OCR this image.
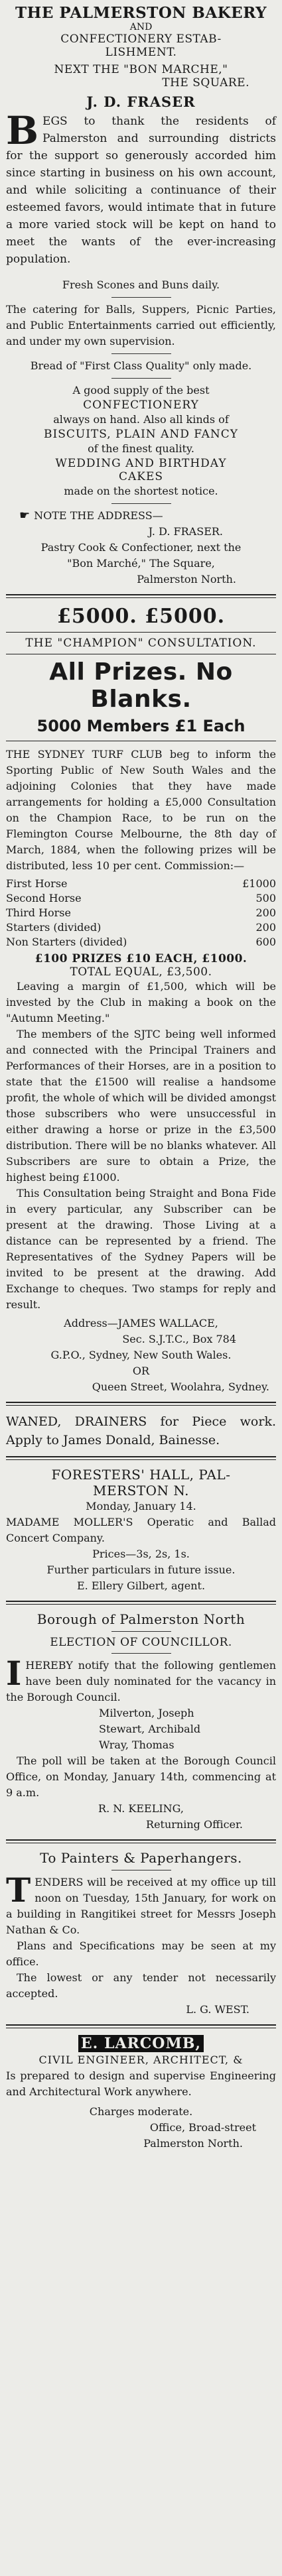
THE PALMERSTON BAKERY
AND
CONFECTIONERY ESTAB-
LISHMENT.
NEXT THE "BON MARCHE,"
THE SQUARE.
J. D. FRASER

BEGS to thank the residents of Palmerston and surrounding districts for the support so generously accorded him since starting in business on his own account, and while soliciting a continuance of their esteemed favors, would intimate that in future a more varied stock will be kept on hand to meet the wants of the ever-increasing population.

Fresh Scones and Buns daily.

The catering for Balls, Suppers, Picnic Parties, and Public Entertainments carried out efficiently, and under my own supervision.

Bread of "First Class Quality" only made.
A good supply of the best
CONFECTIONERY
always on hand. Also all kinds of
BISCUITS, PLAIN AND FANCY
of the finest quality.
WEDDING AND BIRTHDAY
CAKES
made on the shortest notice.
☛ NOTE THE ADDRESS—
J. D. FRASER.
Pastry Cook & Confectioner, next the
"Bon Marché," The Square,
Palmerston North.
£5000. £5000.
THE "CHAMPION" CONSULTATION.
All Prizes. No Blanks.
5000 Members £1 Each

THE SYDNEY TURF CLUB beg to inform the Sporting Public of New South Wales and the adjoining Colonies that they have made arrangements for holding a £5,000 Consultation on the Champion Race, to be run on the Flemington Course Melbourne, the 8th day of March, 1884, when the following prizes will be distributed, less 10 per cent. Commission:—

First Horse	£1000
Second Horse	500
Third Horse	200
Starters (divided)	200
Non Starters (divided)	600
£100 PRIZES £10 EACH, £1000.
TOTAL EQUAL, £3,500.

Leaving a margin of £1,500, which will be invested by the Club in making a book on the "Autumn Meeting."

The members of the SJTC being well informed and connected with the Principal Trainers and Performances of their Horses, are in a position to state that the £1500 will realise a handsome profit, the whole of which will be divided amongst those subscribers who were unsuccessful in either drawing a horse or prize in the £3,500 distribution. There will be no blanks whatever. All Subscribers are sure to obtain a Prize, the highest being £1000.

This Consultation being Straight and Bona Fide in every particular, any Subscriber can be present at the drawing. Those Living at a distance can be represented by a friend. The Representatives of the Sydney Papers will be invited to be present at the drawing. Add Exchange to cheques. Two stamps for reply and result.

Address—JAMES WALLACE,
Sec. S.J.T.C., Box 784
G.P.O., Sydney, New South Wales.
OR
Queen Street, Woolahra, Sydney.

WANED, DRAINERS for Piece work. Apply to James Donald, Bainesse.

FORESTERS' HALL, PAL-
MERSTON N.
Monday, January 14.

MADAME MOLLER'S Operatic and Ballad Concert Company.

Prices—3s, 2s, 1s.
Further particulars in future issue.
E. Ellery Gilbert, agent.
Borough of Palmerston North
ELECTION OF COUNCILLOR.

IHEREBY notify that the following gentlemen have been duly nominated for the vacancy in the Borough Council.

Milverton, Joseph
Stewart, Archibald
Wray, Thomas

The poll will be taken at the Borough Council Office, on Monday, January 14th, commencing at 9 a.m.

R. N. KEELING,
Returning Officer.
To Painters & Paperhangers.

TENDERS will be received at my office up till noon on Tuesday, 15th January, for work on a building in Rangitikei street for Messrs Joseph Nathan & Co.

Plans and Specifications may be seen at my office.

The lowest or any tender not necessarily accepted.

L. G. WEST.
E. LARCOMB,
CIVIL ENGINEER, ARCHITECT, &

Is prepared to design and supervise Engineering and Architectural Work anywhere.

Charges moderate.
Office, Broad-street
Palmerston North.
